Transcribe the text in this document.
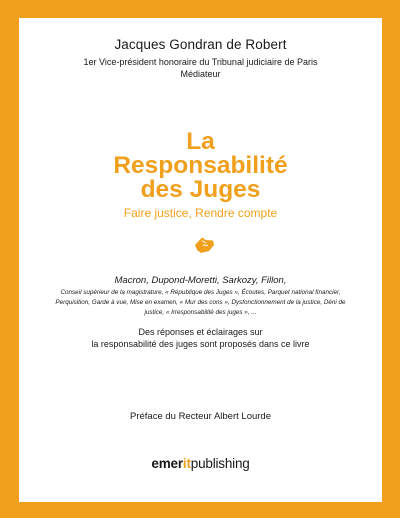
Jacques Gondran de Robert
1er Vice-président honoraire du Tribunal judiciaire de Paris
Médiateur
La
Responsabilité
des Juges
Faire justice, Rendre compte
Macron, Dupond-Moretti, Sarkozy, Fillon,
Conseil supérieur de la magistrature, « République des Juges », Écoutes, Parquet national financier, Perquisition, Garde à vue, Mise en examen, « Mur des cons », Dysfonctionnement de la justice, Déni de justice, « Irresponsabilité des juges », ...
Des réponses et éclairages sur
la responsabilité des juges sont proposés dans ce livre
Préface du Recteur Albert Lourde
emeritpublishing
